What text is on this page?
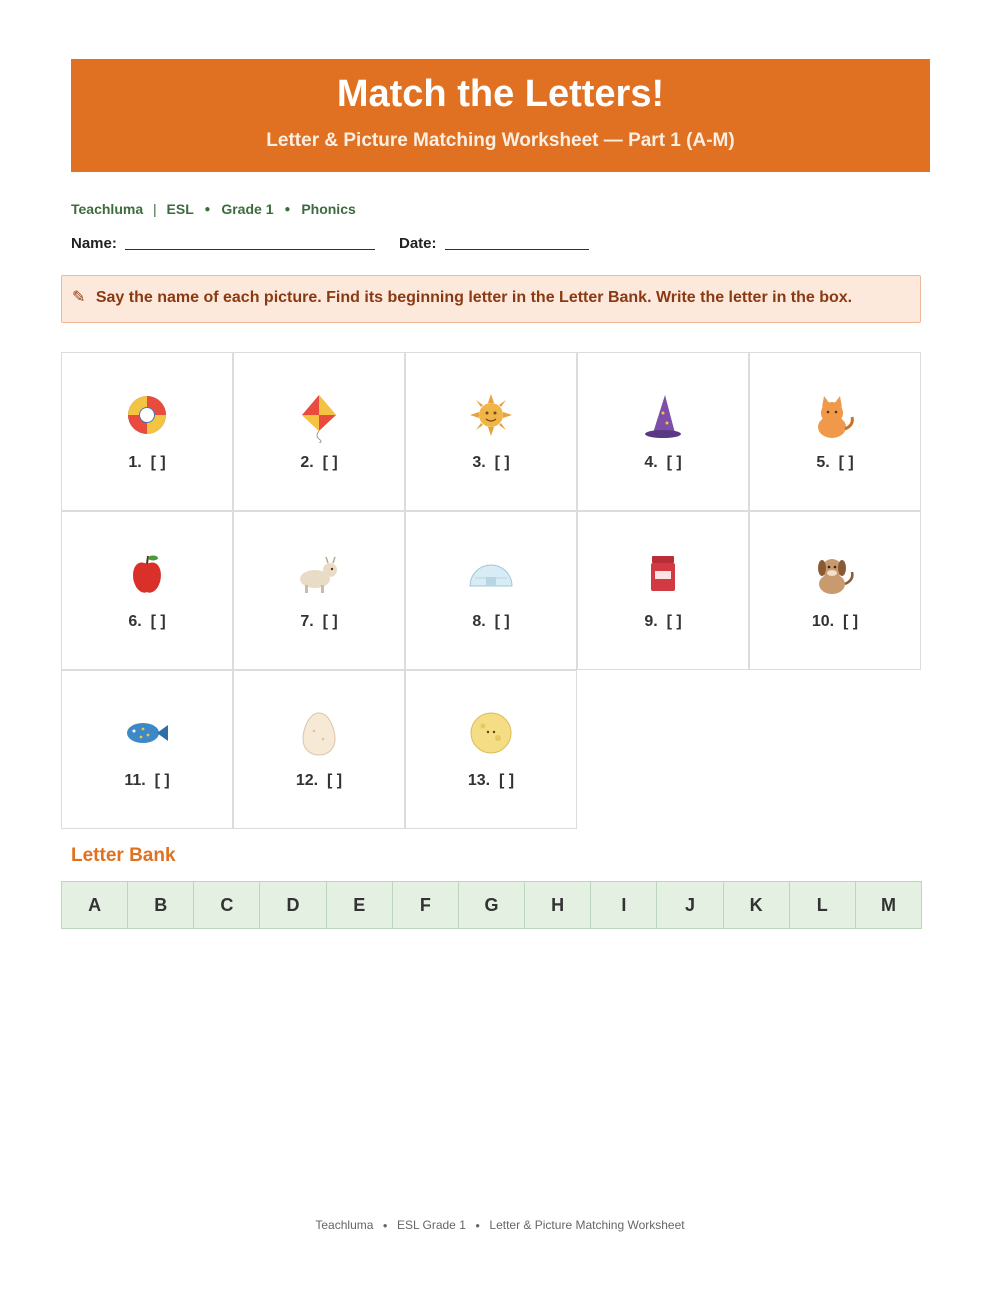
Match the Letters!
Letter & Picture Matching Worksheet — Part 1 (A-M)
Teachluma | ESL ● Grade 1 ● Phonics
Name:	Date:
✎ Say the name of each picture. Find its beginning letter in the Letter Bank. Write the letter in the box.
1. [ ]	2. [ ]	3. [ ]	4. [ ]	5. [ ]
6. [ ]	7. [ ]	8. [ ]	9. [ ]	10. [ ]
11. [ ]	12. [ ]	13. [ ]
Letter Bank
A	B	C	D	E	F	G	H	I	J	K	L	M
Teachluma ● ESL Grade 1 ● Letter & Picture Matching Worksheet
